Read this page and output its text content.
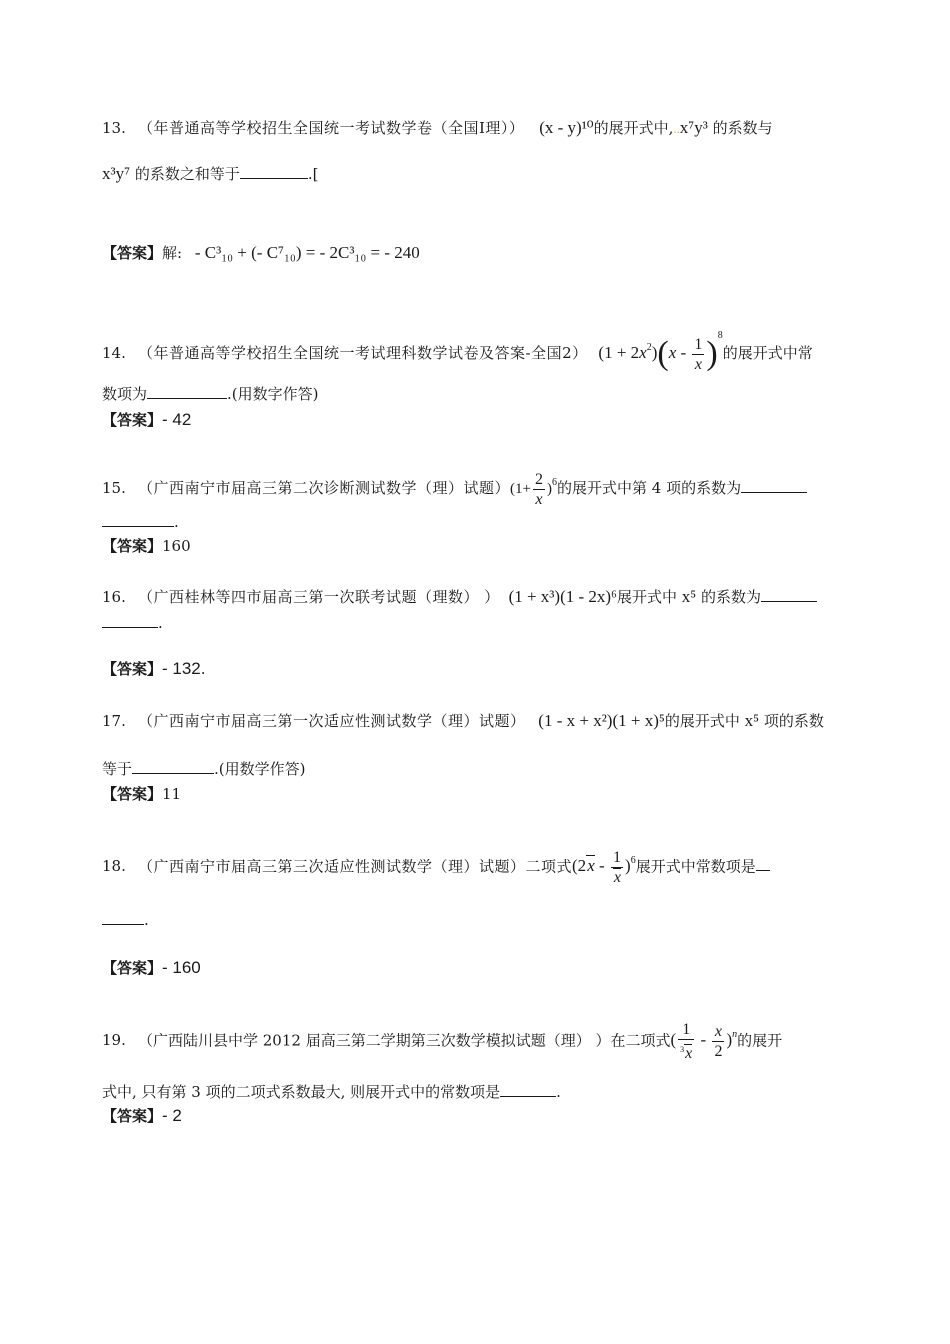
13. （年普通高等学校招生全国统一考试数学卷（全国Ⅰ理）） (x - y)¹⁰的展开式中,..x⁷y³ 的系数与
x³y⁷ 的系数之和等于	.[
【答案】解: - C³₁₀ + (- C⁷₁₀) = - 2C³₁₀ = - 240
14. （年普通高等学校招生全国统一考试理科数学试卷及答案-全国2） $(1 + 2x^2)(x - \frac{1}{x} )^8$的展开式中常
数项为	.(用数字作答)
【答案】- 42
15. （广西南宁市届高三第二次诊断测试数学（理）试题）$(1+ \frac{2}{x} )^6$的展开式中第 4 项的系数为
.
【答案】160
16. （广西桂林等四市届高三第一次联考试题（理数） ） (1 + x³)(1 - 2x)⁶展开式中 x⁵ 的系数为
.
【答案】- 132.
17. （广西南宁市届高三第一次适应性测试数学（理）试题） (1 - x + x²)(1 + x)⁵的展开式中 x⁵ 项的系数
等于	.(用数学作答)
【答案】11
18. （广西南宁市届高三第三次适应性测试数学（理）试题）二项式$(2x - \frac{1}{x} )^6$展开式中常数项是
.
【答案】- 160
19. （广西陆川县中学 2012 届高三第二学期第三次数学模拟试题（理） ）在二项式( $\frac{1}{^3x} - \frac{x}{2} )^n$的展开
式中, 只有第 3 项的二项式系数最大, 则展开式中的常数项是	.
【答案】- 2
